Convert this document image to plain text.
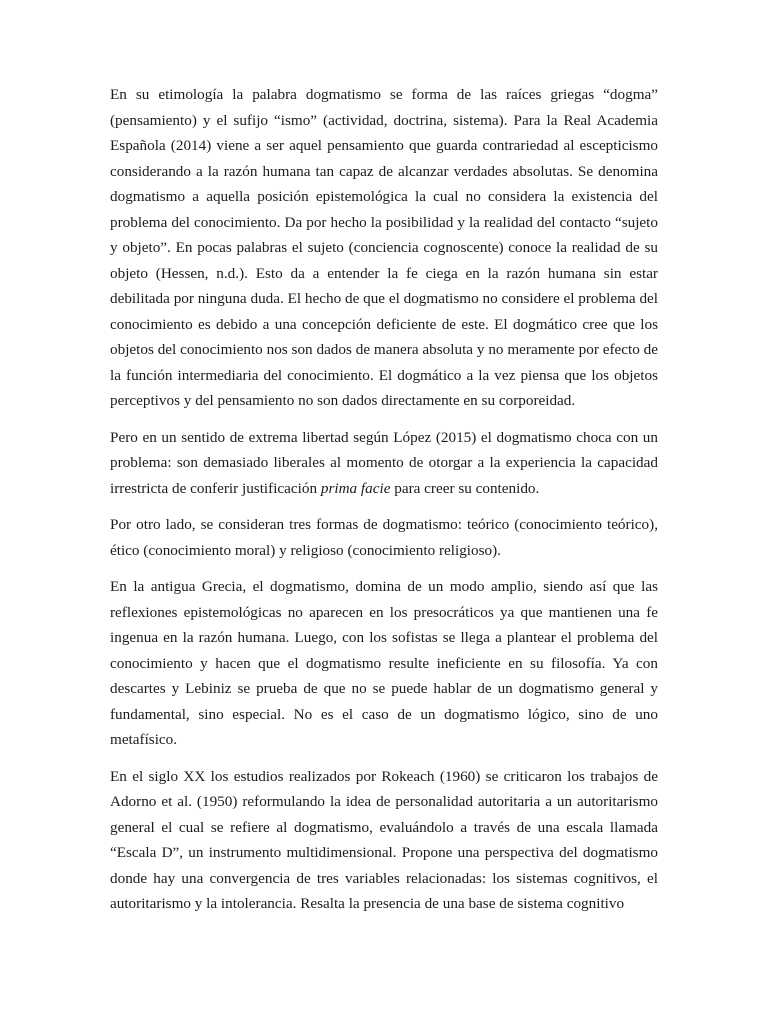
En su etimología la palabra dogmatismo se forma de las raíces griegas “dogma” (pensamiento) y el sufijo “ismo” (actividad, doctrina, sistema). Para la Real Academia Española (2014) viene a ser aquel pensamiento que guarda contrariedad al escepticismo considerando a la razón humana tan capaz de alcanzar verdades absolutas. Se denomina dogmatismo a aquella posición epistemológica la cual no considera la existencia del problema del conocimiento. Da por hecho la posibilidad y la realidad del contacto “sujeto y objeto”. En pocas palabras el sujeto (conciencia cognoscente) conoce la realidad de su objeto (Hessen, n.d.). Esto da a entender la fe ciega en la razón humana sin estar debilitada por ninguna duda. El hecho de que el dogmatismo no considere el problema del conocimiento es debido a una concepción deficiente de este. El dogmático cree que los objetos del conocimiento nos son dados de manera absoluta y no meramente por efecto de la función intermediaria del conocimiento. El dogmático a la vez piensa que los objetos perceptivos y del pensamiento no son dados directamente en su corporeidad.

Pero en un sentido de extrema libertad según López (2015) el dogmatismo choca con un problema: son demasiado liberales al momento de otorgar a la experiencia la capacidad irrestricta de conferir justificación prima facie para creer su contenido.

Por otro lado, se consideran tres formas de dogmatismo: teórico (conocimiento teórico), ético (conocimiento moral) y religioso (conocimiento religioso).

En la antigua Grecia, el dogmatismo, domina de un modo amplio, siendo así que las reflexiones epistemológicas no aparecen en los presocráticos ya que mantienen una fe ingenua en la razón humana. Luego, con los sofistas se llega a plantear el problema del conocimiento y hacen que el dogmatismo resulte ineficiente en su filosofía. Ya con descartes y Lebiniz se prueba de que no se puede hablar de un dogmatismo general y fundamental, sino especial. No es el caso de un dogmatismo lógico, sino de uno metafísico.

En el siglo XX los estudios realizados por Rokeach (1960) se criticaron los trabajos de Adorno et al. (1950) reformulando la idea de personalidad autoritaria a un autoritarismo general el cual se refiere al dogmatismo, evaluándolo a través de una escala llamada “Escala D”, un instrumento multidimensional. Propone una perspectiva del dogmatismo donde hay una convergencia de tres variables relacionadas: los sistemas cognitivos, el autoritarismo y la intolerancia. Resalta la presencia de una base de sistema cognitivo
